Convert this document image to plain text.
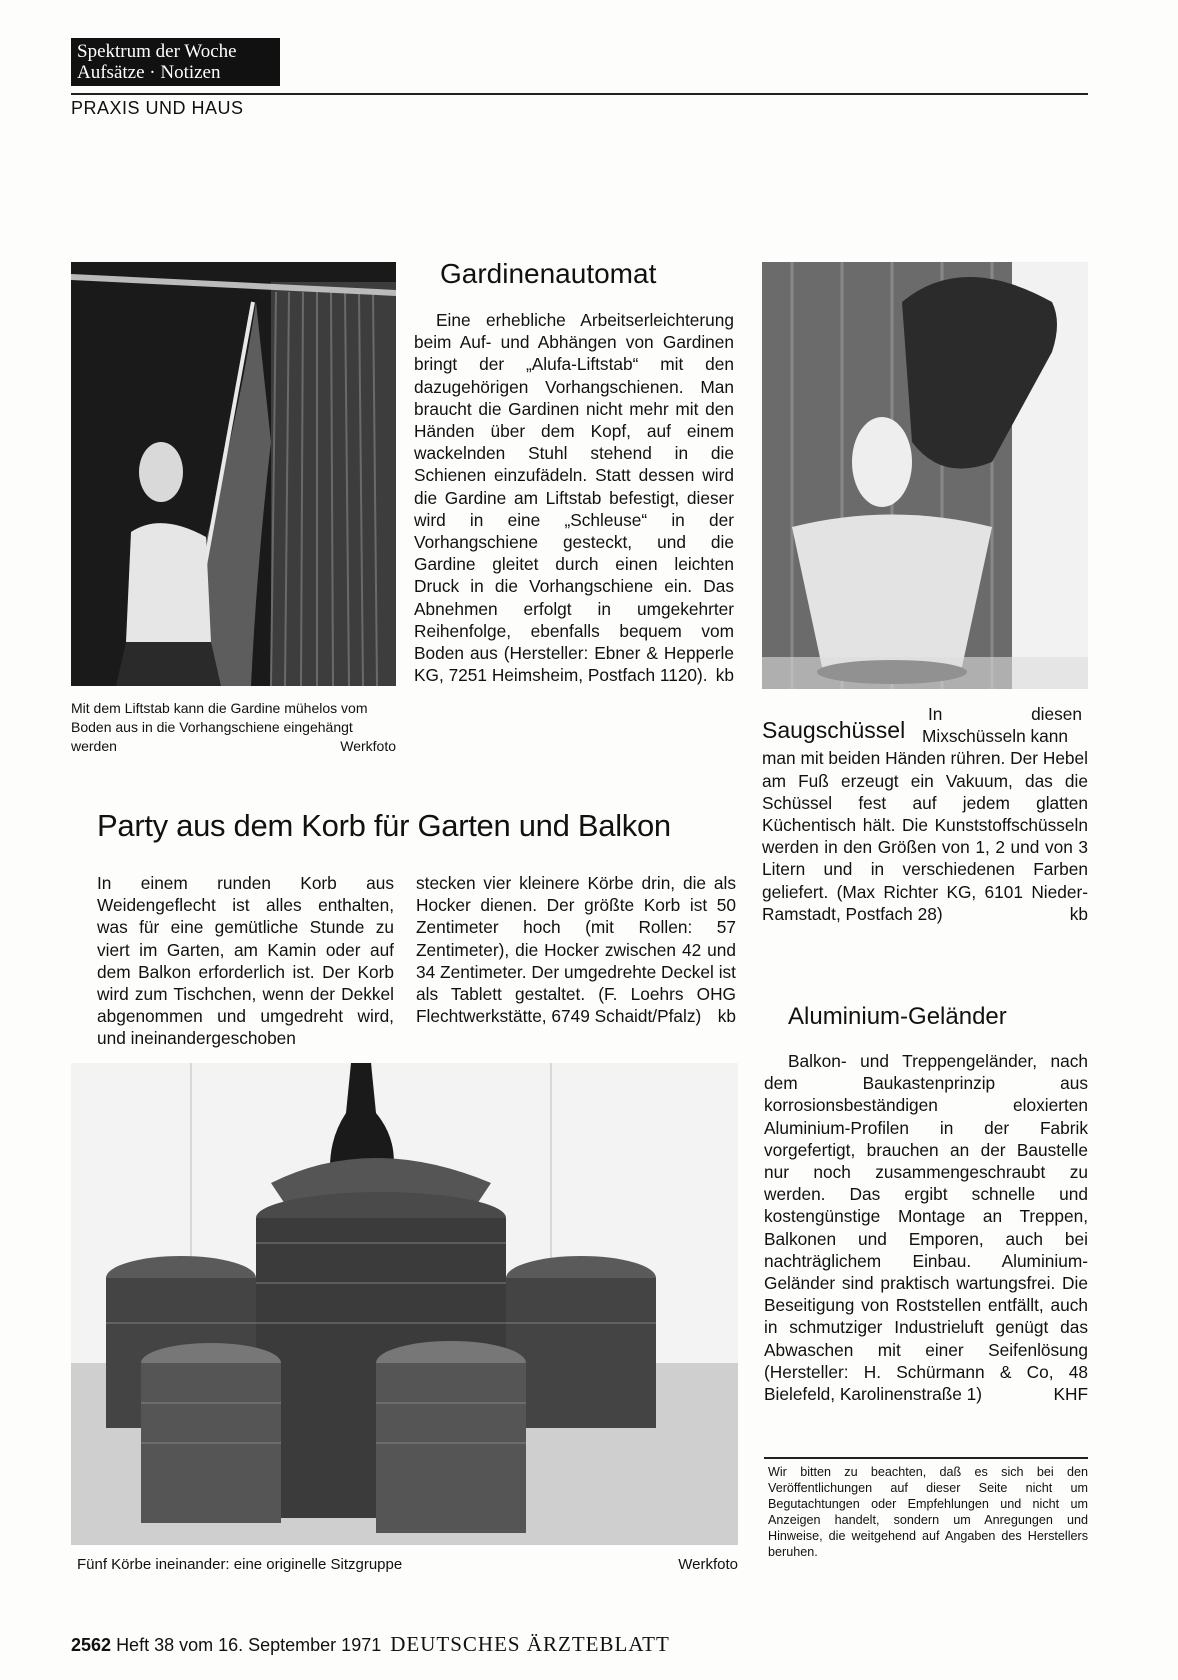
Spektrum der Woche
Aufsätze · Notizen
PRAXIS UND HAUS
Mit dem Liftstab kann die Gardine mühelos vom Boden aus in die Vorhangschiene eingehängt werden	Werkfoto
Gardinenautomat
Eine erhebliche Arbeitserleichterung beim Auf- und Abhängen von Gardinen bringt der „Alufa-Liftstab“ mit den dazugehörigen Vorhangschienen. Man braucht die Gardinen nicht mehr mit den Händen über dem Kopf, auf einem wackelnden Stuhl stehend in die Schienen einzufädeln. Statt dessen wird die Gardine am Liftstab befestigt, dieser wird in eine „Schleuse“ in der Vorhangschiene gesteckt, und die Gardine gleitet durch einen leichten Druck in die Vorhangschiene ein. Das Abnehmen erfolgt in umgekehrter Reihenfolge, ebenfalls bequem vom Boden aus (Hersteller: Ebner & Hepperle KG, 7251 Heimsheim, Postfach 1120). kb
Saugschüssel
In diesen Mixschüsseln kann
man mit beiden Händen rühren. Der Hebel am Fuß erzeugt ein Vakuum, das die Schüssel fest auf jedem glatten Küchentisch hält. Die Kunststoffschüsseln werden in den Größen von 1, 2 und von 3 Litern und in verschiedenen Farben geliefert. (Max Richter KG, 6101 Nieder-Ramstadt, Postfach 28)	kb
Party aus dem Korb für Garten und Balkon
In einem runden Korb aus Weidengeflecht ist alles enthalten, was für eine gemütliche Stunde zu viert im Garten, am Kamin oder auf dem Balkon erforderlich ist. Der Korb wird zum Tischchen, wenn der Dekkel abgenommen und umgedreht wird, und ineinandergeschoben
stecken vier kleinere Körbe drin, die als Hocker dienen. Der größte Korb ist 50 Zentimeter hoch (mit Rollen: 57 Zentimeter), die Hocker zwischen 42 und 34 Zentimeter. Der umgedrehte Deckel ist als Tablett gestaltet. (F. Loehrs OHG Flechtwerkstätte, 6749 Schaidt/Pfalz) kb
Fünf Körbe ineinander: eine originelle Sitzgruppe	Werkfoto
Aluminium-Geländer
Balkon- und Treppengeländer, nach dem Baukastenprinzip aus korrosionsbeständigen eloxierten Aluminium-Profilen in der Fabrik vorgefertigt, brauchen an der Baustelle nur noch zusammengeschraubt zu werden. Das ergibt schnelle und kostengünstige Montage an Treppen, Balkonen und Emporen, auch bei nachträglichem Einbau. Aluminium-Geländer sind praktisch wartungsfrei. Die Beseitigung von Roststellen entfällt, auch in schmutziger Industrieluft genügt das Abwaschen mit einer Seifenlösung (Hersteller: H. Schürmann & Co, 48 Bielefeld, Karolinenstraße 1)	KHF
Wir bitten zu beachten, daß es sich bei den Veröffentlichungen auf dieser Seite nicht um Begutachtungen oder Empfehlungen und nicht um Anzeigen handelt, sondern um Anregungen und Hinweise, die weitgehend auf Angaben des Herstellers beruhen.
2562 Heft 38 vom 16. September 1971 DEUTSCHES ÄRZTEBLATT
